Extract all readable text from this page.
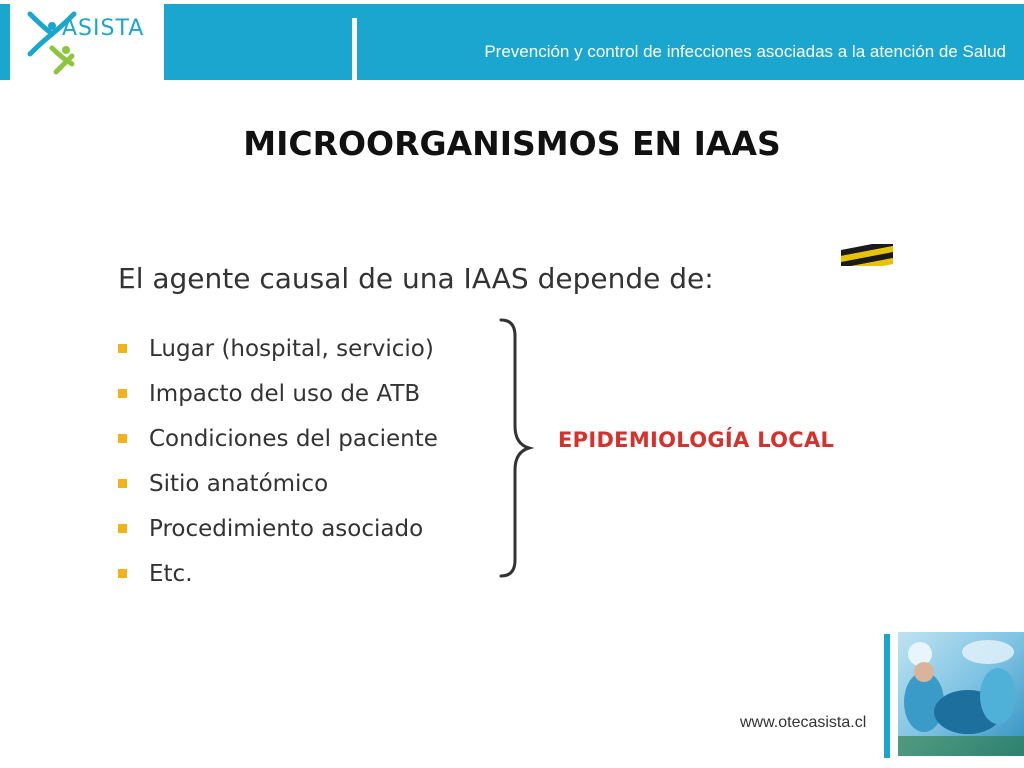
ASISTA
Prevención y control de infecciones asociadas a la atención de Salud
MICROORGANISMOS EN IAAS
El agente causal de una IAAS depende de:
Lugar (hospital, servicio)
Impacto del uso de ATB
Condiciones del paciente
Sitio anatómico
Procedimiento asociado
Etc.
EPIDEMIOLOGÍA LOCAL
www.otecasista.cl
